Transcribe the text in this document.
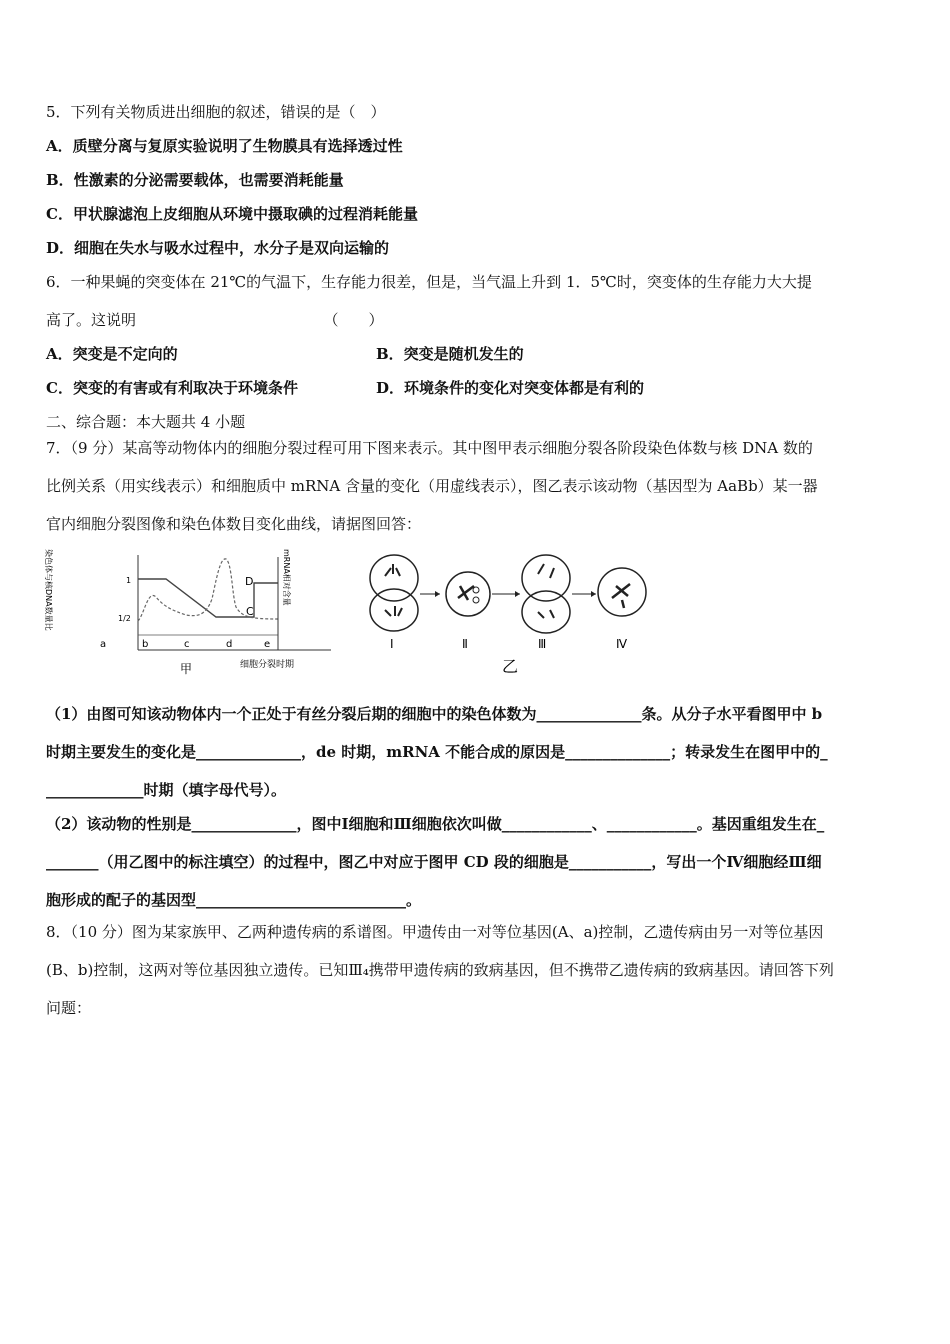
5．下列有关物质进出细胞的叙述，错误的是（　）
A．质壁分离与复原实验说明了生物膜具有选择透过性
B．性激素的分泌需要载体，也需要消耗能量
C．甲状腺滤泡上皮细胞从环境中摄取碘的过程消耗能量
D．细胞在失水与吸水过程中，水分子是双向运输的
6．一种果蝇的突变体在 21℃的气温下，生存能力很差，但是，当气温上升到 1．5℃时，突变体的生存能力大大提
高了。这说明　　　　　　　　　　　　　（　　）
A．突变是不定向的	B．突变是随机发生的
C．突变的有害或有利取决于环境条件	D．环境条件的变化对突变体都是有利的
二、综合题：本大题共 4 小题
7．（9 分）某高等动物体内的细胞分裂过程可用下图来表示。其中图甲表示细胞分裂各阶段染色体数与核 DNA 数的
比例关系（用实线表示）和细胞质中 mRNA 含量的变化（用虚线表示），图乙表示该动物（基因型为 AaBb）某一器
官内细胞分裂图像和染色体数目变化曲线，请据图回答：
染色体与核DNA数量比	1
1/2
D
C
mRNA相对含量
a	b	c	d	e
甲	细胞分裂时期
Ⅰ	Ⅱ	Ⅲ	Ⅳ
乙
（1）由图可知该动物体内一个正处于有丝分裂后期的细胞中的染色体数为______________条。从分子水平看图甲中 b
时期主要发生的变化是______________，de 时期，mRNA 不能合成的原因是______________；转录发生在图甲中的_
_____________时期（填字母代号）。
（2）该动物的性别是______________，图中Ⅰ细胞和Ⅲ细胞依次叫做____________、____________。基因重组发生在_
_______（用乙图中的标注填空）的过程中，图乙中对应于图甲 CD 段的细胞是___________，写出一个Ⅳ细胞经Ⅲ细
胞形成的配子的基因型____________________________。
8．（10 分）图为某家族甲、乙两种遗传病的系谱图。甲遗传由一对等位基因(A、a)控制，乙遗传病由另一对等位基因
(B、b)控制，这两对等位基因独立遗传。已知Ⅲ₄携带甲遗传病的致病基因，但不携带乙遗传病的致病基因。请回答下列
问题：
